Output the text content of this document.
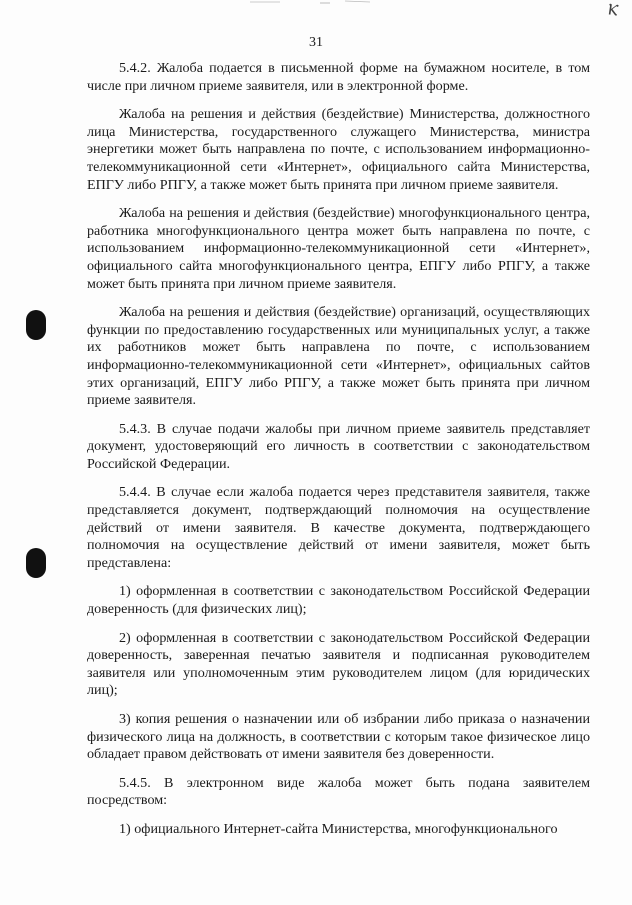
Ⲕ
31

5.4.2. Жалоба подается в письменной форме на бумажном носителе, в том числе при личном приеме заявителя, или в электронной форме.

Жалоба на решения и действия (бездействие) Министерства, должностного лица Министерства, государственного служащего Министерства, министра энергетики может быть направлена по почте, с использованием информационно-телекоммуникационной сети «Интернет», официального сайта Министерства, ЕПГУ либо РПГУ, а также может быть принята при личном приеме заявителя.

Жалоба на решения и действия (бездействие) многофункционального центра, работника многофункционального центра может быть направлена по почте, с использованием информационно-телекоммуникационной сети «Интернет», официального сайта многофункционального центра, ЕПГУ либо РПГУ, а также может быть принята при личном приеме заявителя.

Жалоба на решения и действия (бездействие) организаций, осуществляющих функции по предоставлению государственных или муниципальных услуг, а также их работников может быть направлена по почте, с использованием информационно-телекоммуникационной сети «Интернет», официальных сайтов этих организаций, ЕПГУ либо РПГУ, а также может быть принята при личном приеме заявителя.

5.4.3. В случае подачи жалобы при личном приеме заявитель представляет документ, удостоверяющий его личность в соответствии с законодательством Российской Федерации.

5.4.4. В случае если жалоба подается через представителя заявителя, также представляется документ, подтверждающий полномочия на осуществление действий от имени заявителя. В качестве документа, подтверждающего полномочия на осуществление действий от имени заявителя, может быть представлена:

1) оформленная в соответствии с законодательством Российской Федерации доверенность (для физических лиц);

2) оформленная в соответствии с законодательством Российской Федерации доверенность, заверенная печатью заявителя и подписанная руководителем заявителя или уполномоченным этим руководителем лицом (для юридических лиц);

3) копия решения о назначении или об избрании либо приказа о назначении физического лица на должность, в соответствии с которым такое физическое лицо обладает правом действовать от имени заявителя без доверенности.

5.4.5. В электронном виде жалоба может быть подана заявителем посредством:

1) официального Интернет-сайта Министерства, многофункционального
